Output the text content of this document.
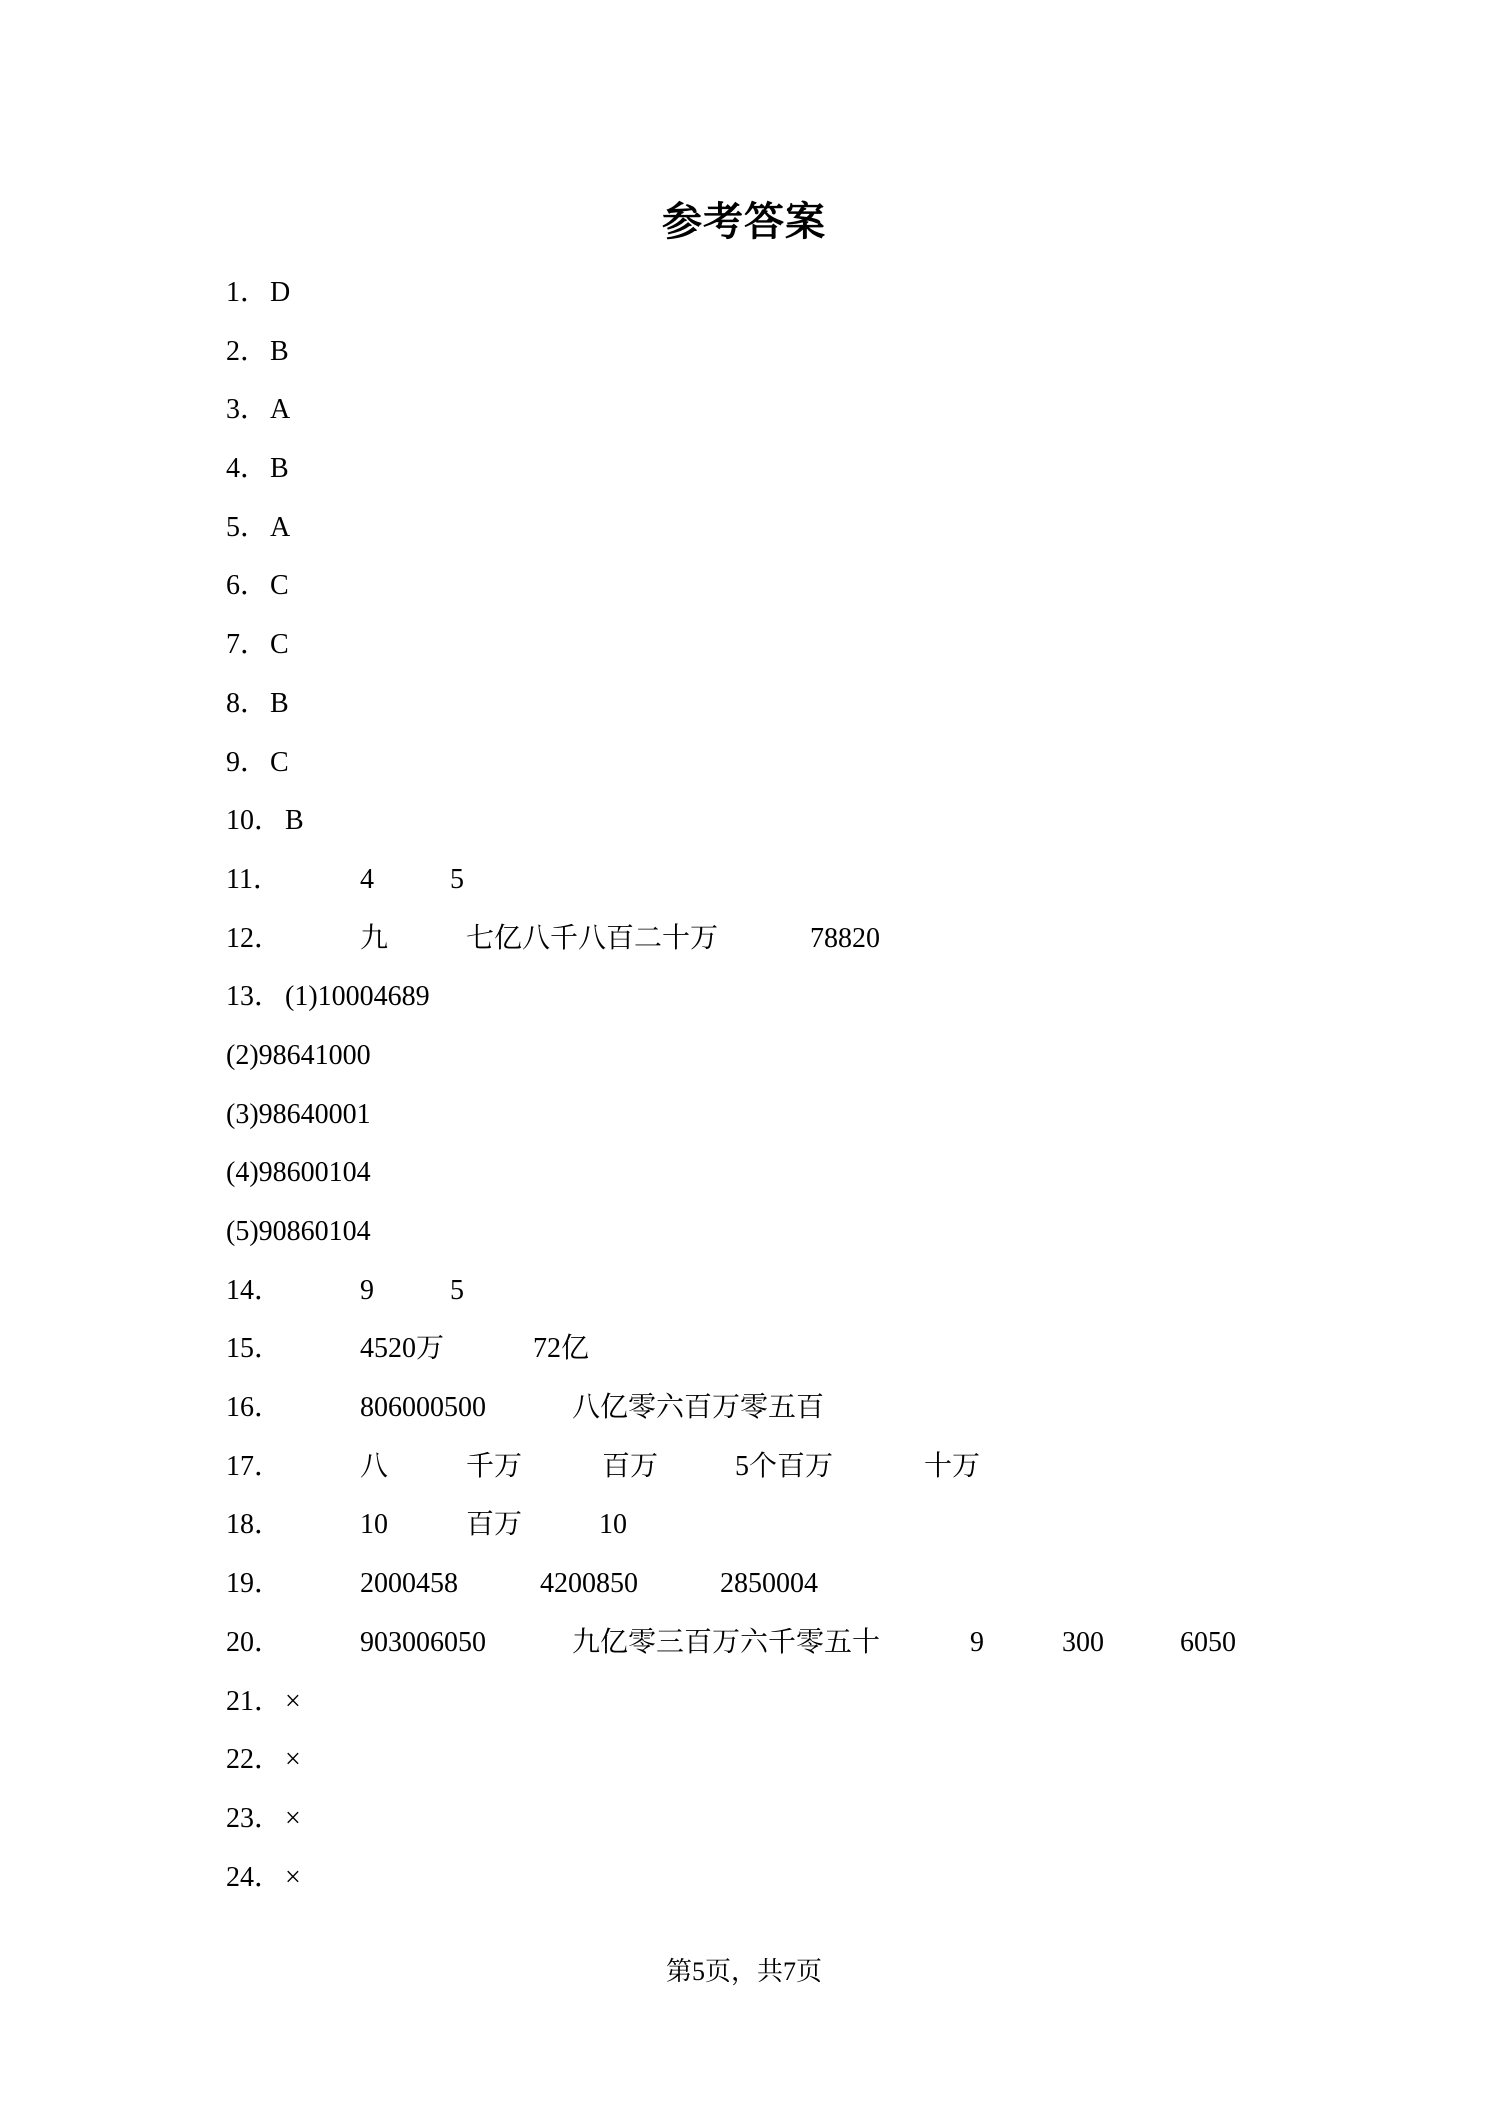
参考答案
1． D
2． B
3． A
4． B
5． A
6． C
7． C
8． B
9． C
10． B
11．	4	5
12．	九	七亿八千八百二十万	78820
13． (1)10004689
(2)98641000
(3)98640001
(4)98600104
(5)90860104
14．	9	5
15．	4520万	72亿
16．	806000500	八亿零六百万零五百
17．	八	千万	百万	5个百万	十万
18．	10	百万	10
19．	2000458	4200850	2850004
20．	903006050	九亿零三百万六千零五十	9	300	6050
21． ×
22． ×
23． ×
24． ×
第5页，共7页
